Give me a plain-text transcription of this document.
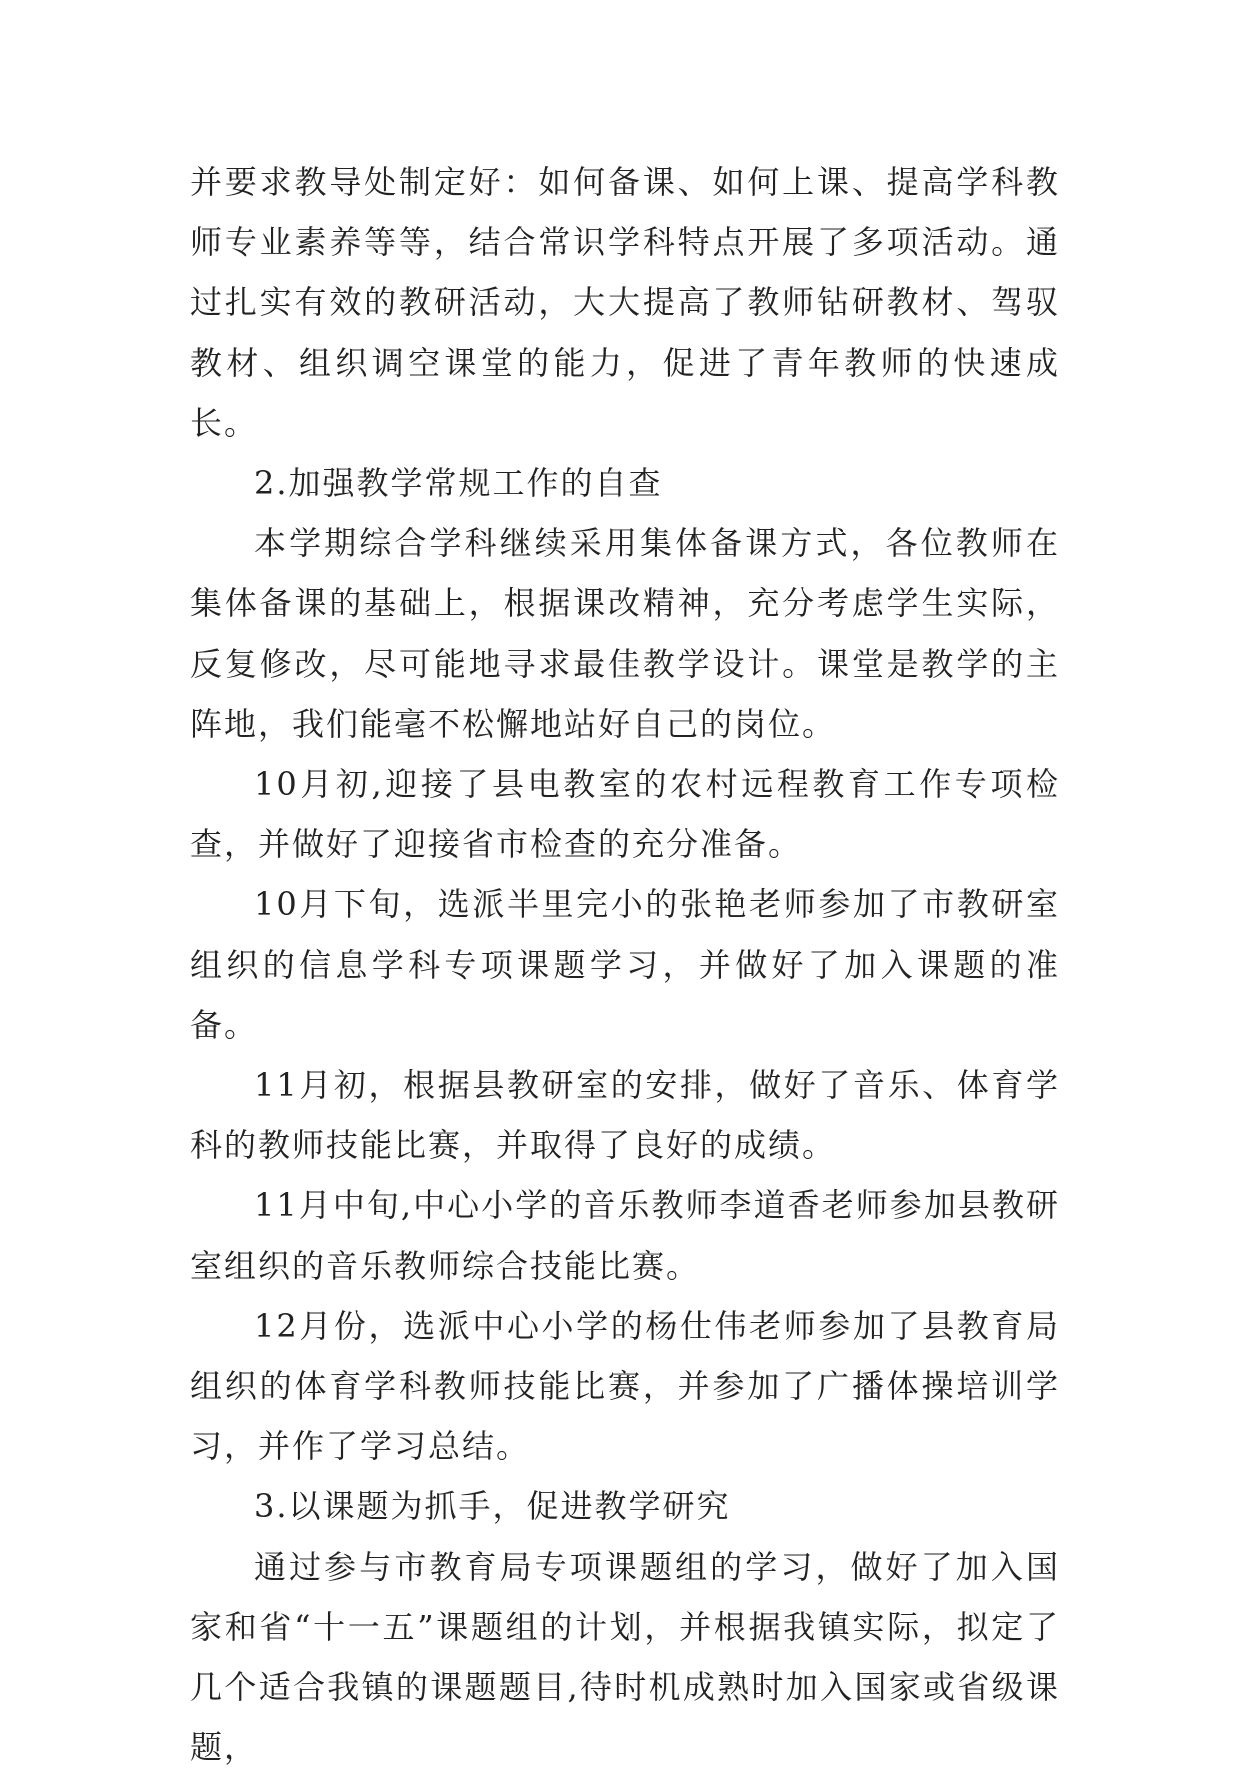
并要求教导处制定好：如何备课、如何上课、提高学科教师专业素养等等，结合常识学科特点开展了多项活动。通过扎实有效的教研活动，大大提高了教师钻研教材、驾驭教材、组织调空课堂的能力，促进了青年教师的快速成长。

2.加强教学常规工作的自查

本学期综合学科继续采用集体备课方式，各位教师在集体备课的基础上，根据课改精神，充分考虑学生实际，反复修改，尽可能地寻求最佳教学设计。课堂是教学的主阵地，我们能毫不松懈地站好自己的岗位。

10月初,迎接了县电教室的农村远程教育工作专项检查，并做好了迎接省市检查的充分准备。

10月下旬，选派半里完小的张艳老师参加了市教研室组织的信息学科专项课题学习，并做好了加入课题的准备。

11月初，根据县教研室的安排，做好了音乐、体育学科的教师技能比赛，并取得了良好的成绩。

11月中旬,中心小学的音乐教师李道香老师参加县教研室组织的音乐教师综合技能比赛。

12月份，选派中心小学的杨仕伟老师参加了县教育局组织的体育学科教师技能比赛，并参加了广播体操培训学习，并作了学习总结。

3.以课题为抓手，促进教学研究

通过参与市教育局专项课题组的学习，做好了加入国家和省“十一五”课题组的计划，并根据我镇实际，拟定了几个适合我镇的课题题目,待时机成熟时加入国家或省级课题，
